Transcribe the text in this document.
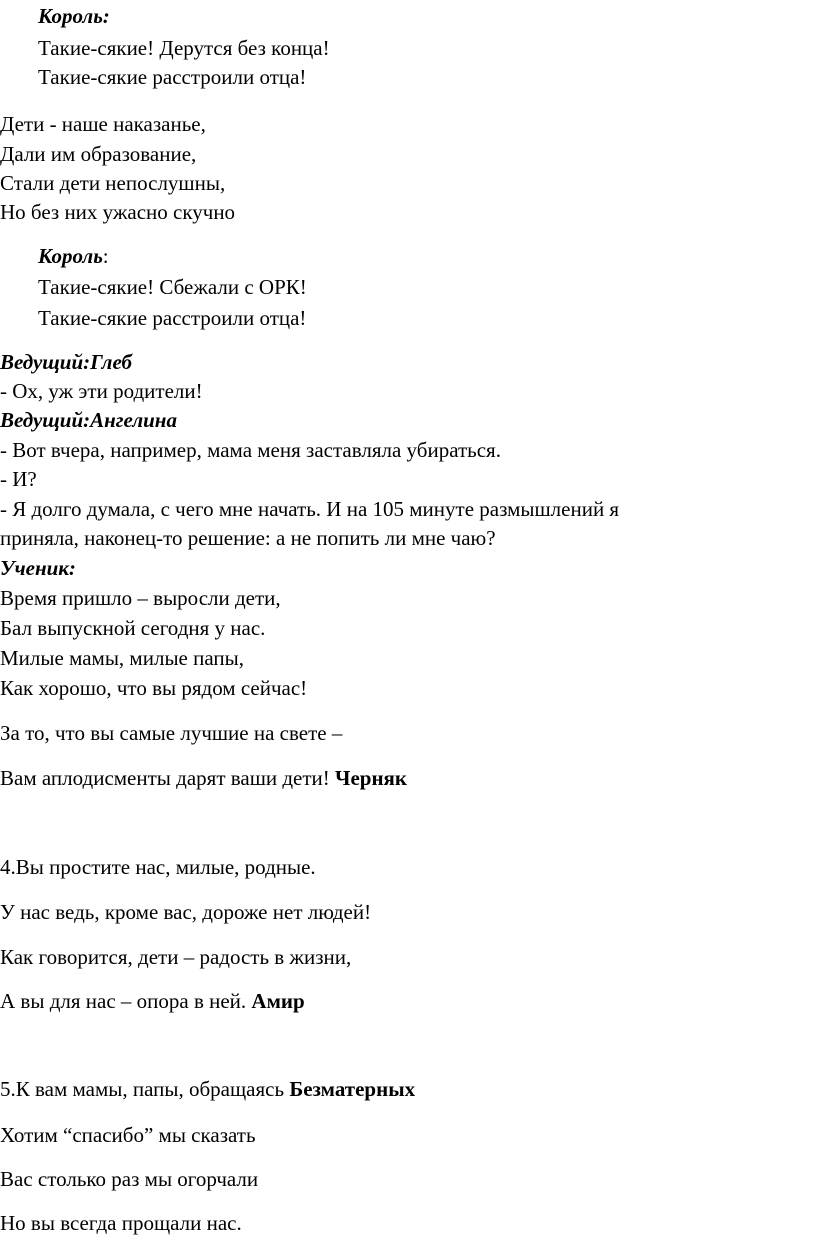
Король:
Такие-сякие! Дерутся без конца!
Такие-сякие расстроили отца!
Дети - наше наказанье,
Дали им образование,
Стали дети непослушны,
Но без них ужасно скучно
Король:
Такие-сякие! Сбежали с ОРК!
Такие-сякие расстроили отца!
Ведущий:Глеб
- Ох, уж эти родители!
Ведущий:Ангелина
- Вот вчера, например, мама меня заставляла убираться.
- И?
- Я долго думала, с чего мне начать. И на 105 минуте размышлений я
приняла, наконец-то решение: а не попить ли мне чаю?
Ученик:
Время пришло – выросли дети,
Бал выпускной сегодня у нас.
Милые мамы, милые папы,
Как хорошо, что вы рядом сейчас!
За то, что вы самые лучшие на свете –
Вам аплодисменты дарят ваши дети! Черняк
4.Вы простите нас, милые, родные.
У нас ведь, кроме вас, дороже нет людей!
Как говорится, дети – радость в жизни,
А вы для нас – опора в ней. Амир
5.К вам мамы, папы, обращаясь Безматерных
Хотим “спасибо” мы сказать
Вас столько раз мы огорчали
Но вы всегда прощали нас.
